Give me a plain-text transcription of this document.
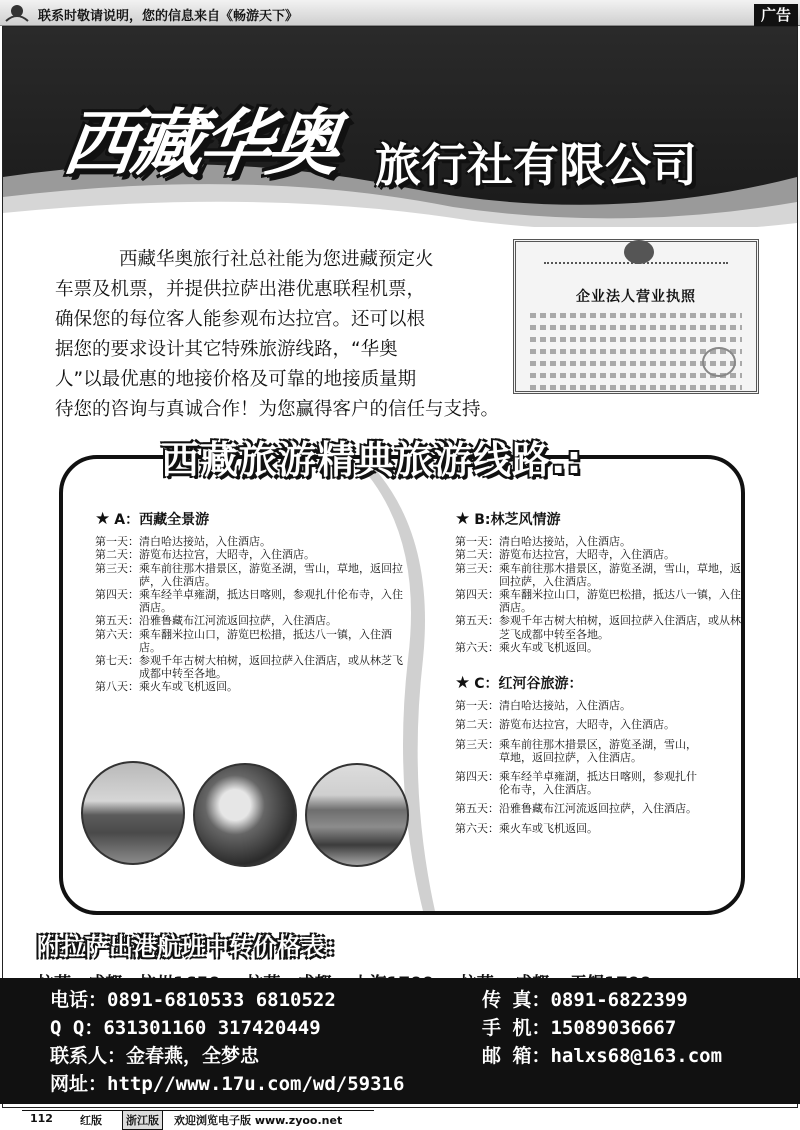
联系时敬请说明，您的信息来自《畅游天下》	广告
西藏华奥 旅行社有限公司
西藏华奥旅行社总社能为您进藏预定火
车票及机票，并提供拉萨出港优惠联程机票，
确保您的每位客人能参观布达拉宫。还可以根
据您的要求设计其它特殊旅游线路，“华奥
人”以最优惠的地接价格及可靠的地接质量期
待您的咨询与真诚合作！为您赢得客户的信任与支持。
企业法人营业执照
西藏旅游精典旅游线路.:
★ A：西藏全景游
第一天： 清白哈达接站，入住酒店。
第二天： 游览布达拉宫，大昭寺，入住酒店。
第三天： 乘车前往那木措景区，游览圣湖，雪山，草地，返回拉萨，入住酒店。
第四天： 乘车经羊卓雍湖，抵达日喀则，参观扎什伦布寺，入住酒店。
第五天： 沿雅鲁藏布江河流返回拉萨，入住酒店。
第六天： 乘车翻米拉山口，游览巴松措，抵达八一镇，入住酒店。
第七天： 参观千年古树大柏树，返回拉萨入住酒店，或从林芝飞成都中转至各地。
第八天： 乘火车或飞机返回。
★ B:林芝风情游
第一天： 清白哈达接站，入住酒店。
第二天： 游览布达拉宫，大昭寺，入住酒店。
第三天： 乘车前往那木措景区，游览圣湖，雪山，草地，返回拉萨，入住酒店。
第四天： 乘车翻米拉山口，游览巴松措，抵达八一镇，入住酒店。
第五天： 参观千年古树大柏树，返回拉萨入住酒店，或从林芝飞成都中转至各地。
第六天： 乘火车或飞机返回。
★ C：红河谷旅游：
第一天： 清白哈达接站，入住酒店。
第二天： 游览布达拉宫，大昭寺，入住酒店。
第三天： 乘车前往那木措景区，游览圣湖，雪山，草地，返回拉萨，入住酒店。
第四天： 乘车经羊卓雍湖，抵达日喀则，参观扎什伦布寺，入住酒店。
第五天： 沿雅鲁藏布江河流返回拉萨，入住酒店。
第六天： 乘火车或飞机返回。
附拉萨出港航班中转价格表：
电话：0891-6810533 6810522
Q Q：631301160 317420449
联系人：金春燕，全梦忠
传 真：0891-6822399
手 机：15089036667
邮 箱：halxs68@163.com
网址：http//www.17u.com/wd/59316
112 红版	浙江版	欢迎浏览电子版 www.zyoo.net
